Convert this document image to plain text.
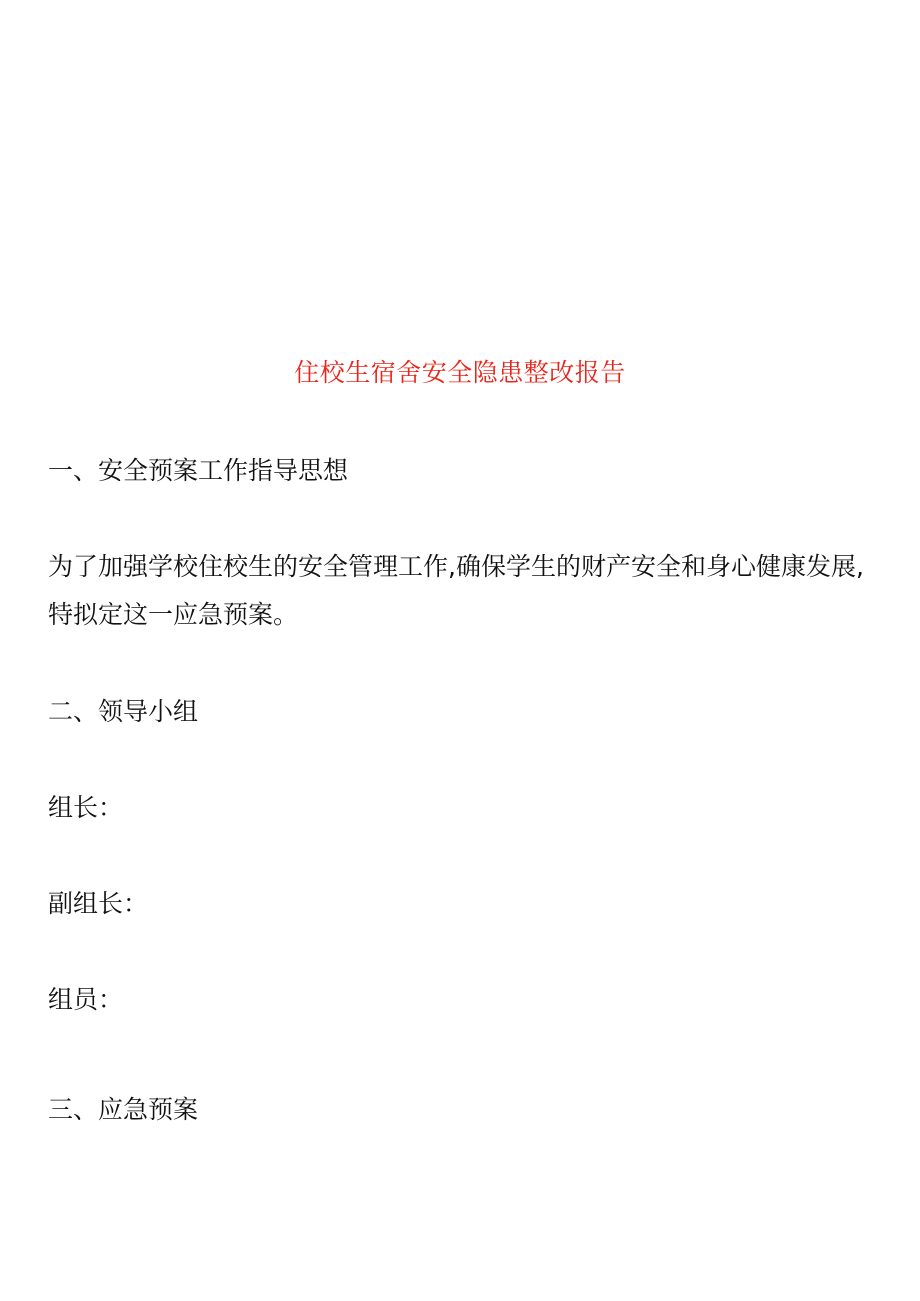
住校生宿舍安全隐患整改报告
一、安全预案工作指导思想
为了加强学校住校生的安全管理工作,确保学生的财产安全和身心健康发展,
特拟定这一应急预案。
二、领导小组
组长：
副组长：
组员：
三、应急预案
